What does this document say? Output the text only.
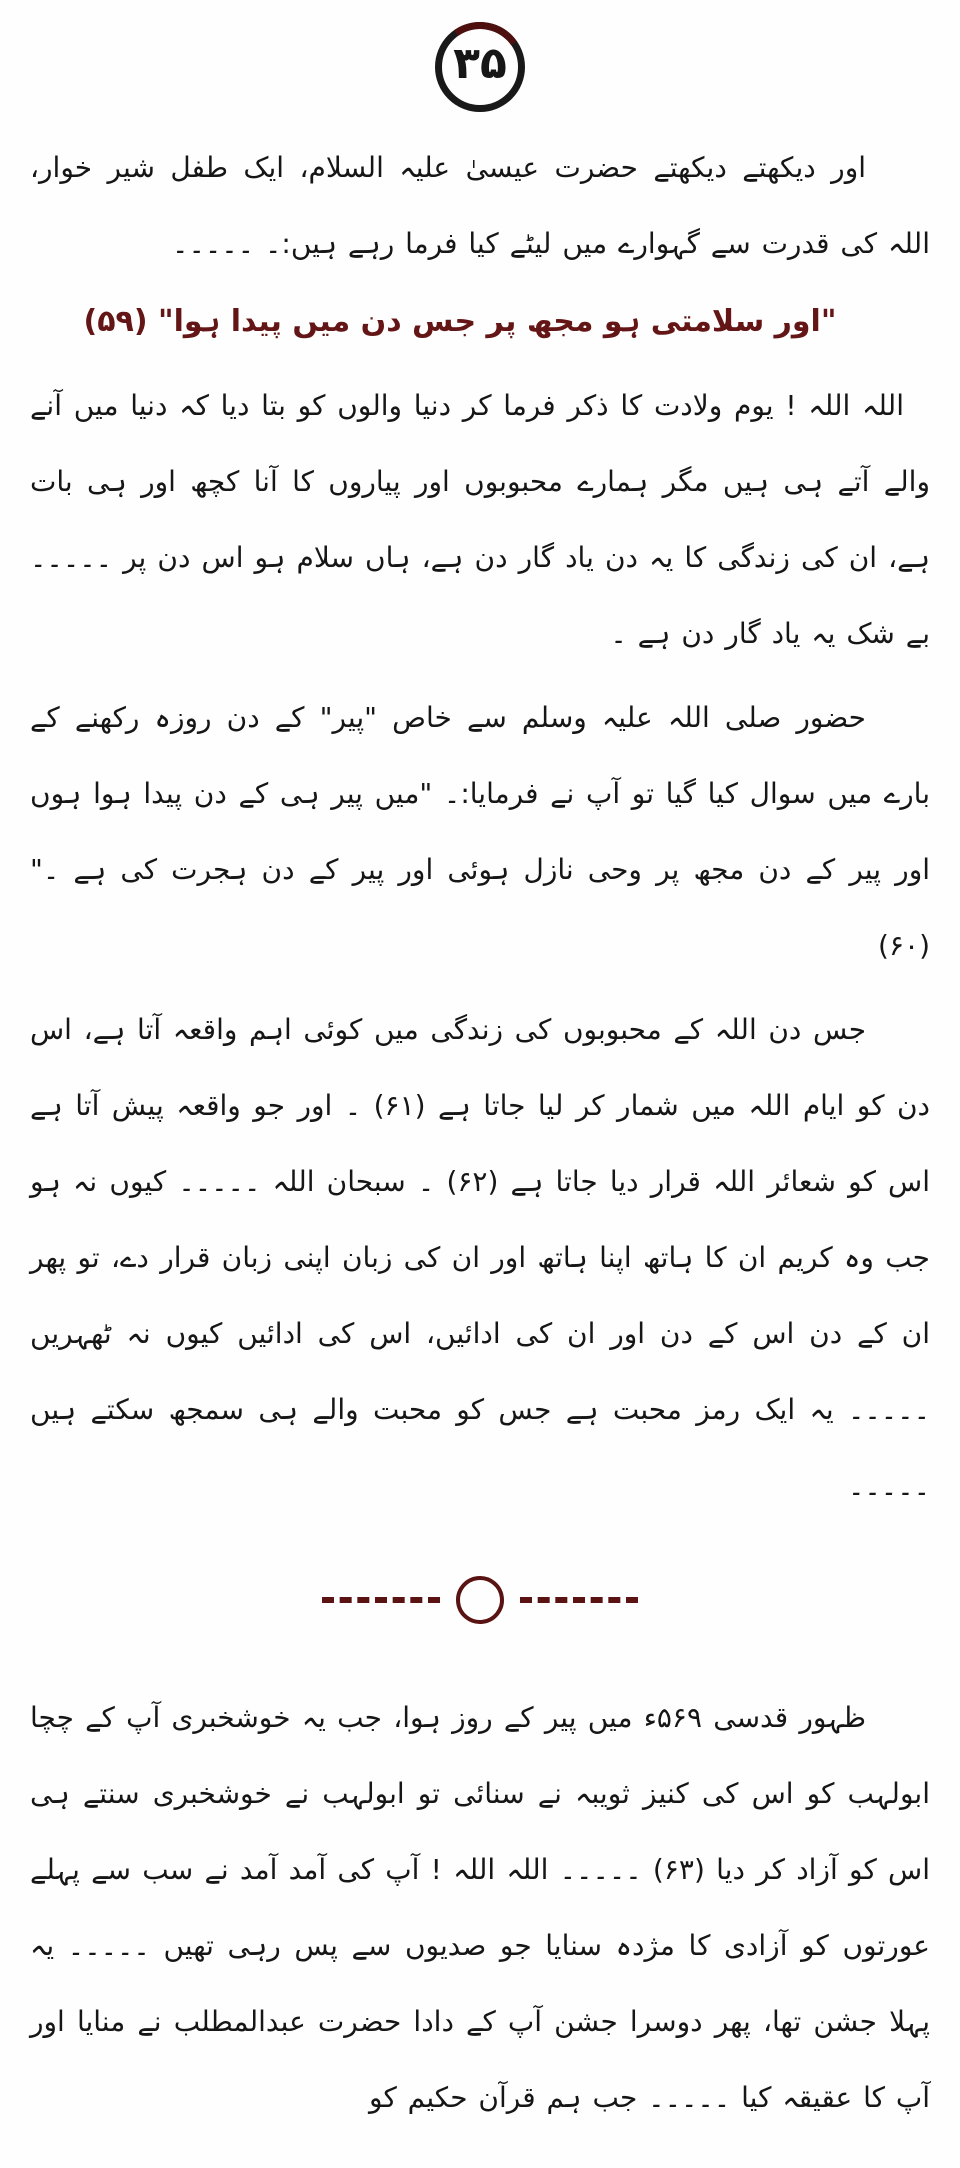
۳۵

اور دیکھتے دیکھتے حضرت عیسیٰ علیہ السلام، ایک طفل شیر خوار، اللہ کی قدرت سے گہوارے میں لیٹے کیا فرما رہے ہیں:۔ ۔۔۔۔۔

"اور سلامتی ہو مجھ پر جس دن میں پیدا ہوا" (۵۹)

اللہ اللہ ! یوم ولادت کا ذکر فرما کر دنیا والوں کو بتا دیا کہ دنیا میں آنے والے آتے ہی ہیں مگر ہمارے محبوبوں اور پیاروں کا آنا کچھ اور ہی بات ہے، ان کی زندگی کا یہ دن یاد گار دن ہے، ہاں سلام ہو اس دن پر ۔۔۔۔۔ بے شک یہ یاد گار دن ہے ۔

حضور صلی اللہ علیہ وسلم سے خاص "پیر" کے دن روزہ رکھنے کے بارے میں سوال کیا گیا تو آپ نے فرمایا:۔ "میں پیر ہی کے دن پیدا ہوا ہوں اور پیر کے دن مجھ پر وحی نازل ہوئی اور پیر کے دن ہجرت کی ہے ۔" (۶۰)

جس دن اللہ کے محبوبوں کی زندگی میں کوئی اہم واقعہ آتا ہے، اس دن کو ایام اللہ میں شمار کر لیا جاتا ہے (۶۱) ۔ اور جو واقعہ پیش آتا ہے اس کو شعائر اللہ قرار دیا جاتا ہے (۶۲) ۔ سبحان اللہ ۔۔۔۔۔ کیوں نہ ہو جب وہ کریم ان کا ہاتھ اپنا ہاتھ اور ان کی زبان اپنی زبان قرار دے، تو پھر ان کے دن اس کے دن اور ان کی ادائیں، اس کی ادائیں کیوں نہ ٹھہریں ۔۔۔۔۔ یہ ایک رمز محبت ہے جس کو محبت والے ہی سمجھ سکتے ہیں ۔۔۔۔۔

ظہور قدسی ۵۶۹ء میں پیر کے روز ہوا، جب یہ خوشخبری آپ کے چچا ابولہب کو اس کی کنیز ثویبہ نے سنائی تو ابولہب نے خوشخبری سنتے ہی اس کو آزاد کر دیا (۶۳) ۔۔۔۔۔ اللہ اللہ ! آپ کی آمد آمد نے سب سے پہلے عورتوں کو آزادی کا مژدہ سنایا جو صدیوں سے پس رہی تھیں ۔۔۔۔۔ یہ پہلا جشن تھا، پھر دوسرا جشن آپ کے دادا حضرت عبدالمطلب نے منایا اور آپ کا عقیقہ کیا ۔۔۔۔۔ جب ہم قرآن حکیم کو
